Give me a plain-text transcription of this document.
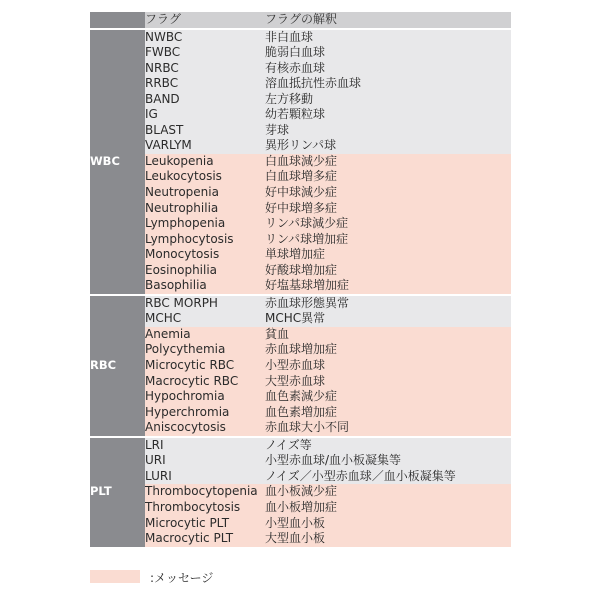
	フラグ	フラグの解釈
WBC	NWBC	非白血球
	FWBC	脆弱白血球
	NRBC	有核赤血球
	RRBC	溶血抵抗性赤血球
	BAND	左方移動
	IG	幼若顆粒球
	BLAST	芽球
	VARLYM	異形リンパ球
	Leukopenia	白血球減少症
	Leukocytosis	白血球増多症
	Neutropenia	好中球減少症
	Neutrophilia	好中球増多症
	Lymphopenia	リンパ球減少症
	Lymphocytosis	リンパ球増加症
	Monocytosis	単球増加症
	Eosinophilia	好酸球増加症
	Basophilia	好塩基球増加症
RBC	RBC MORPH	赤血球形態異常
	MCHC	MCHC異常
	Anemia	貧血
	Polycythemia	赤血球増加症
	Microcytic RBC	小型赤血球
	Macrocytic RBC	大型赤血球
	Hypochromia	血色素減少症
	Hyperchromia	血色素増加症
	Aniscocytosis	赤血球大小不同
PLT	LRI	ノイズ等
	URI	小型赤血球/血小板凝集等
	LURI	ノイズ／小型赤血球／血小板凝集等
	Thrombocytopenia	血小板減少症
	Thrombocytosis	血小板増加症
	Microcytic PLT	小型血小板
	Macrocytic PLT	大型血小板
:メッセージ
